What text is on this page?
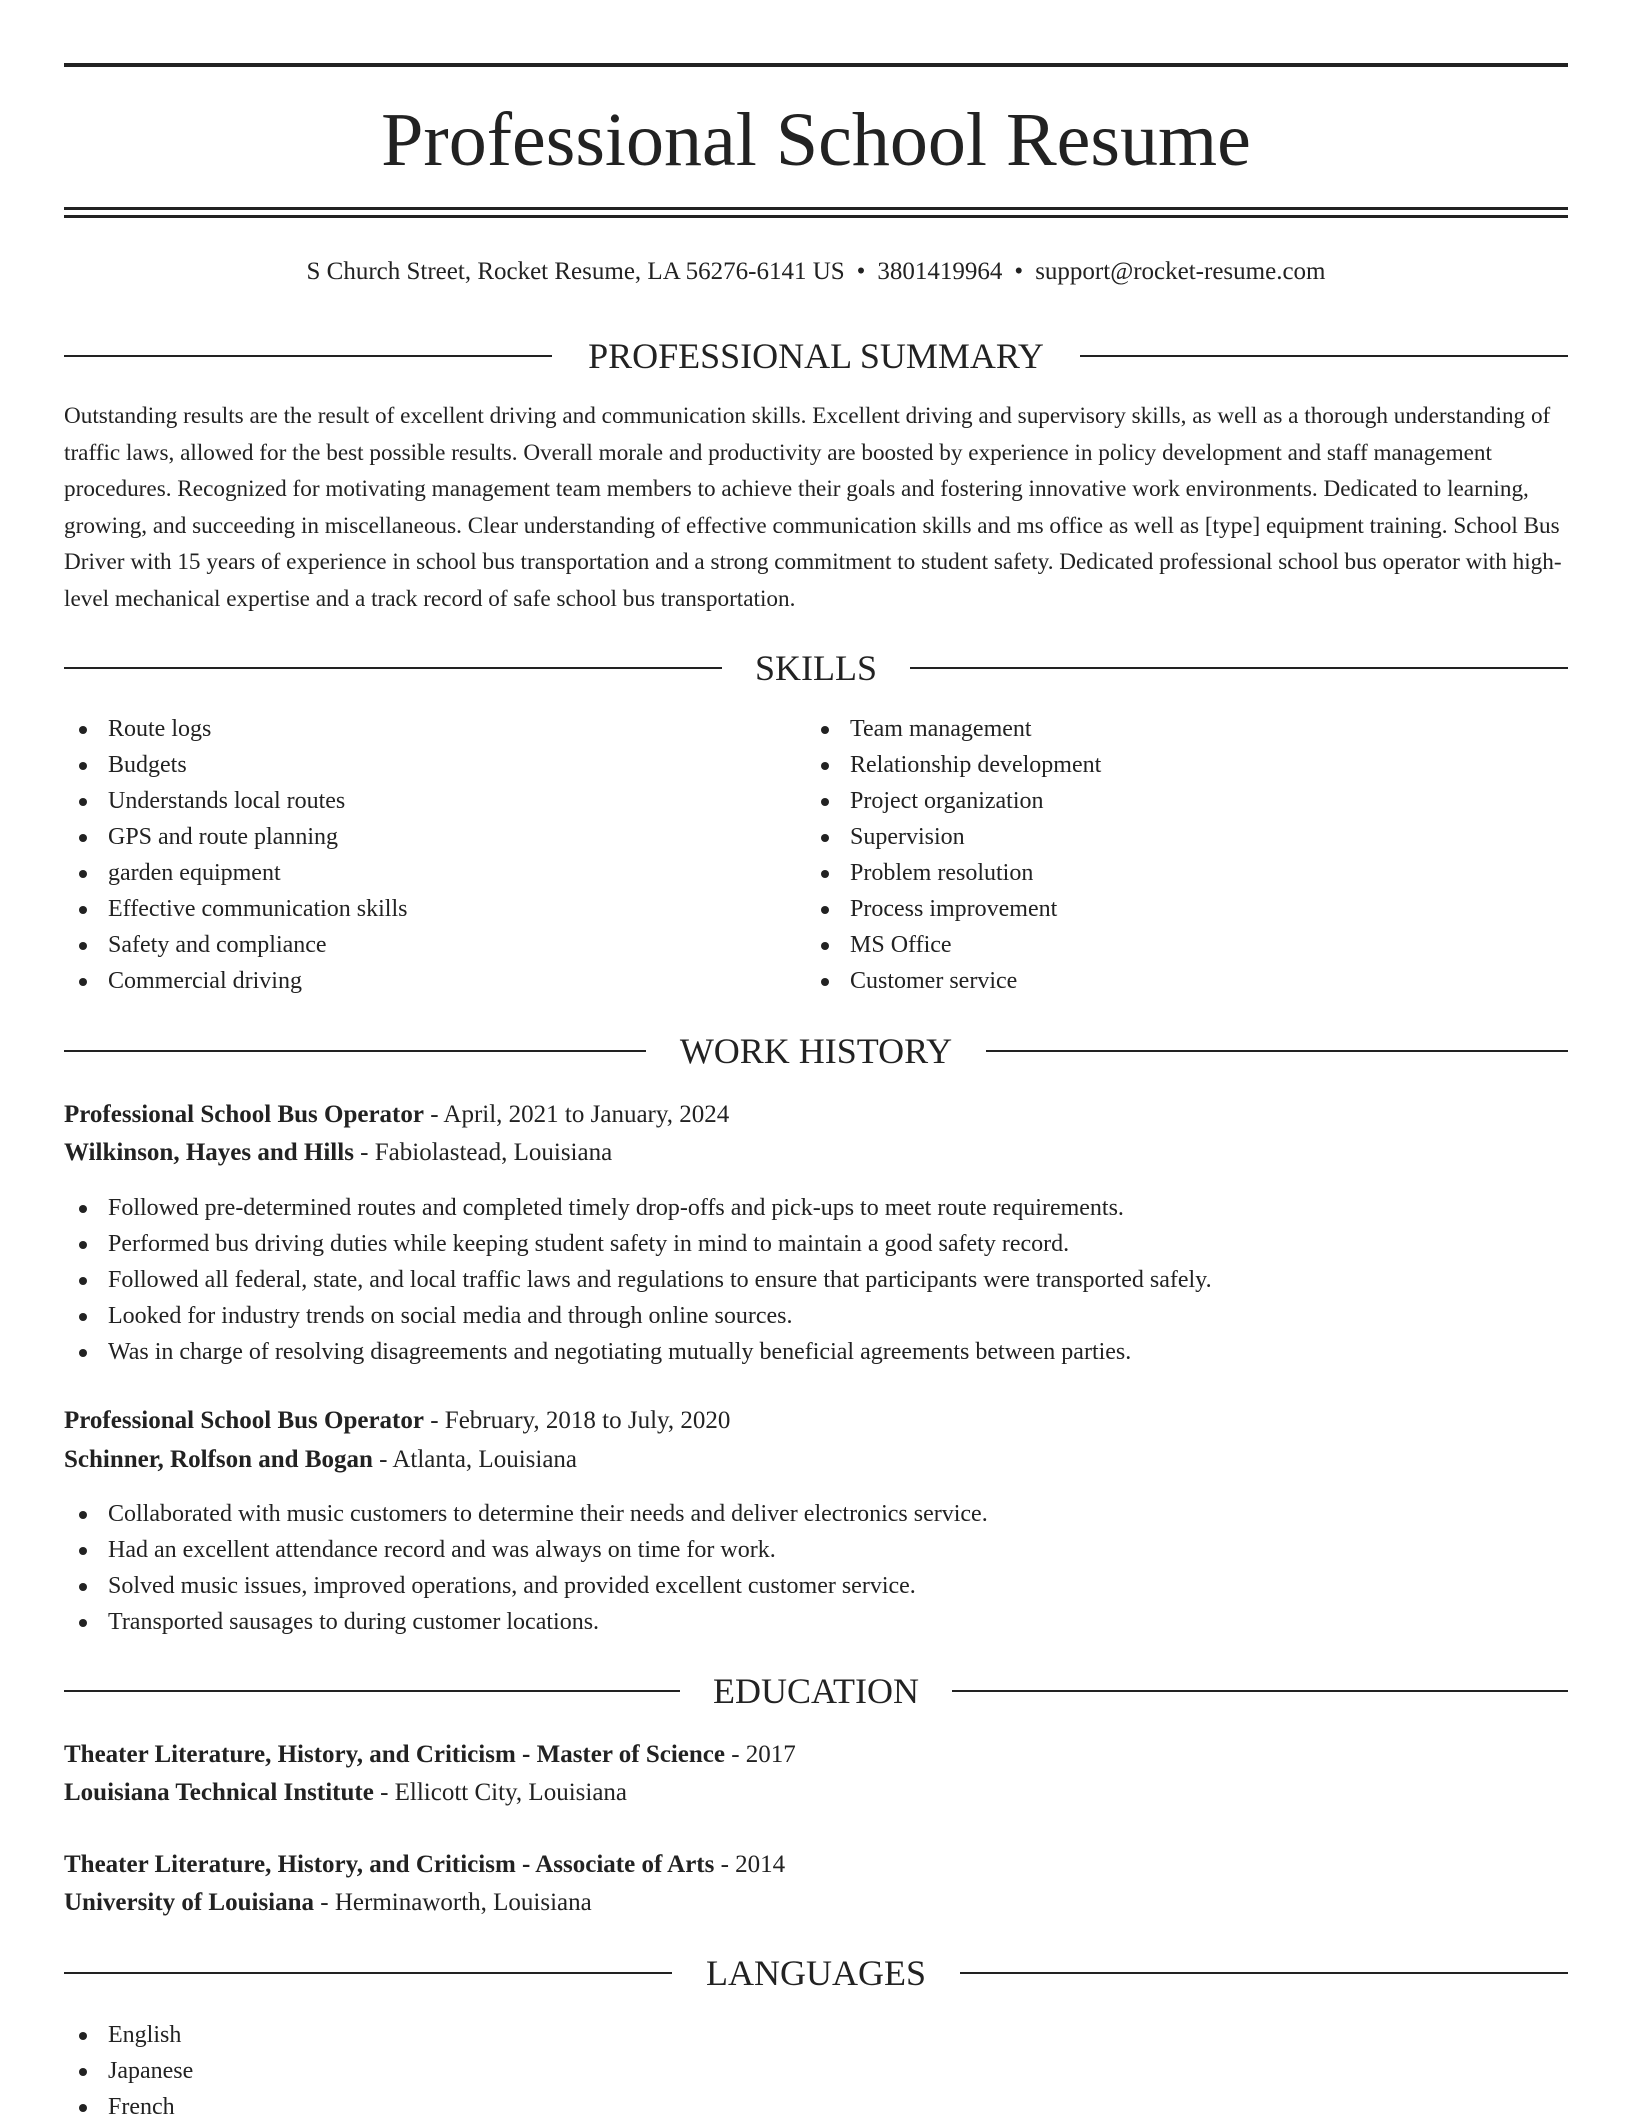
Professional School Resume
S Church Street, Rocket Resume, LA 56276-6141 US • 3801419964 • support@rocket-resume.com
PROFESSIONAL SUMMARY

Outstanding results are the result of excellent driving and communication skills. Excellent driving and supervisory skills, as well as a thorough understanding of traffic laws, allowed for the best possible results. Overall morale and productivity are boosted by experience in policy development and staff management procedures. Recognized for motivating management team members to achieve their goals and fostering innovative work environments. Dedicated to learning, growing, and succeeding in miscellaneous. Clear understanding of effective communication skills and ms office as well as [type] equipment training. School Bus Driver with 15 years of experience in school bus transportation and a strong commitment to student safety. Dedicated professional school bus operator with high-level mechanical expertise and a track record of safe school bus transportation.

SKILLS
Route logs
Budgets
Understands local routes
GPS and route planning
garden equipment
Effective communication skills
Safety and compliance
Commercial driving
Team management
Relationship development
Project organization
Supervision
Problem resolution
Process improvement
MS Office
Customer service
WORK HISTORY
Professional School Bus Operator - April, 2021 to January, 2024
Wilkinson, Hayes and Hills - Fabiolastead, Louisiana
Followed pre-determined routes and completed timely drop-offs and pick-ups to meet route requirements.
Performed bus driving duties while keeping student safety in mind to maintain a good safety record.
Followed all federal, state, and local traffic laws and regulations to ensure that participants were transported safely.
Looked for industry trends on social media and through online sources.
Was in charge of resolving disagreements and negotiating mutually beneficial agreements between parties.
Professional School Bus Operator - February, 2018 to July, 2020
Schinner, Rolfson and Bogan - Atlanta, Louisiana
Collaborated with music customers to determine their needs and deliver electronics service.
Had an excellent attendance record and was always on time for work.
Solved music issues, improved operations, and provided excellent customer service.
Transported sausages to during customer locations.
EDUCATION
Theater Literature, History, and Criticism - Master of Science - 2017
Louisiana Technical Institute - Ellicott City, Louisiana
Theater Literature, History, and Criticism - Associate of Arts - 2014
University of Louisiana - Herminaworth, Louisiana
LANGUAGES
English
Japanese
French
